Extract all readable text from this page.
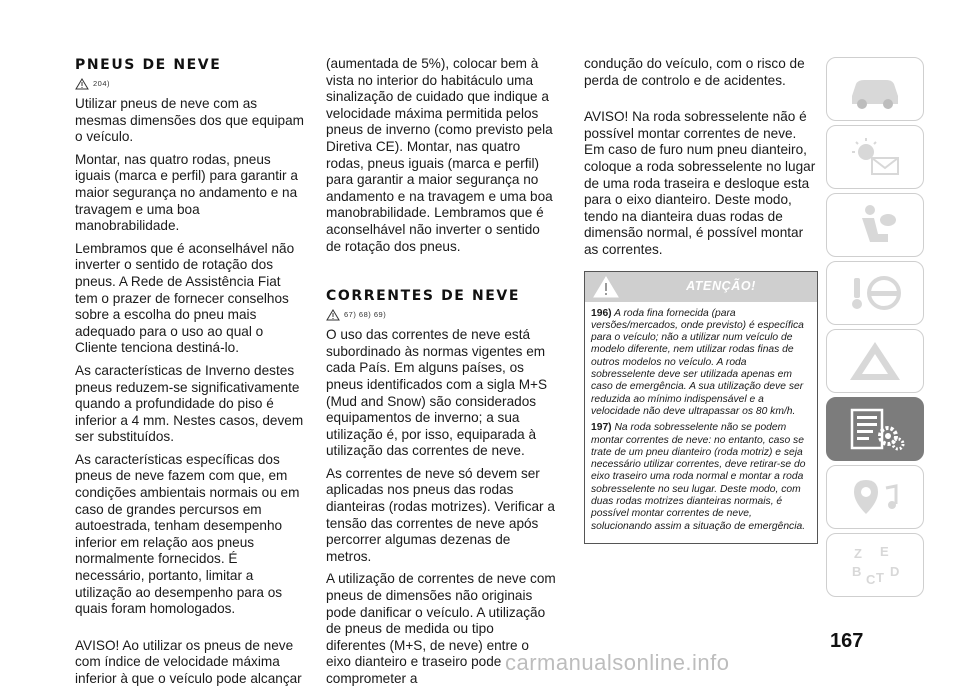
PNEUS DE NEVE
204)

Utilizar pneus de neve com as mesmas dimensões dos que equipam o veículo.

Montar, nas quatro rodas, pneus iguais (marca e perfil) para garantir a maior segurança no andamento e na travagem e uma boa manobrabilidade.

Lembramos que é aconselhável não inverter o sentido de rotação dos pneus. A Rede de Assistência Fiat tem o prazer de fornecer conselhos sobre a escolha do pneu mais adequado para o uso ao qual o Cliente tenciona destiná-lo.

As características de Inverno destes pneus reduzem-se significativamente quando a profundidade do piso é inferior a 4 mm. Nestes casos, devem ser substituídos.

As características específicas dos pneus de neve fazem com que, em condições ambientais normais ou em caso de grandes percursos em autoestrada, tenham desempenho inferior em relação aos pneus normalmente fornecidos. É necessário, portanto, limitar a utilização ao desempenho para os quais foram homologados.

AVISO! Ao utilizar os pneus de neve com índice de velocidade máxima inferior à que o veículo pode alcançar

(aumentada de 5%), colocar bem à vista no interior do habitáculo uma sinalização de cuidado que indique a velocidade máxima permitida pelos pneus de inverno (como previsto pela Diretiva CE). Montar, nas quatro rodas, pneus iguais (marca e perfil) para garantir a maior segurança no andamento e na travagem e uma boa manobrabilidade. Lembramos que é aconselhável não inverter o sentido de rotação dos pneus.

CORRENTES DE NEVE
67) 68) 69)

O uso das correntes de neve está subordinado às normas vigentes em cada País. Em alguns países, os pneus identificados com a sigla M+S (Mud and Snow) são considerados equipamentos de inverno; a sua utilização é, por isso, equiparada à utilização das correntes de neve.

As correntes de neve só devem ser aplicadas nos pneus das rodas dianteiras (rodas motrizes). Verificar a tensão das correntes de neve após percorrer algumas dezenas de metros.

A utilização de correntes de neve com pneus de dimensões não originais pode danificar o veículo. A utilização de pneus de medida ou tipo diferentes (M+S, de neve) entre o eixo dianteiro e traseiro pode comprometer a

condução do veículo, com o risco de perda de controlo e de acidentes.

AVISO! Na roda sobresselente não é possível montar correntes de neve. Em caso de furo num pneu dianteiro, coloque a roda sobresselente no lugar de uma roda traseira e desloque esta para o eixo dianteiro. Deste modo, tendo na dianteira duas rodas de dimensão normal, é possível montar as correntes.

ATENÇÃO!

196) A roda fina fornecida (para versões/mercados, onde previsto) é específica para o veículo; não a utilizar num veículo de modelo diferente, nem utilizar rodas finas de outros modelos no veículo. A roda sobresselente deve ser utilizada apenas em caso de emergência. A sua utilização deve ser reduzida ao mínimo indispensável e a velocidade não deve ultrapassar os 80 km/h.

197) Na roda sobresselente não se podem montar correntes de neve: no entanto, caso se trate de um pneu dianteiro (roda motriz) e seja necessário utilizar correntes, deve retirar-se do eixo traseiro uma roda normal e montar a roda sobresselente no seu lugar. Deste modo, com duas rodas motrizes dianteiras normais, é possível montar correntes de neve, solucionando assim a situação de emergência.

Z E
B
C T D
167
carmanualsonline.info
